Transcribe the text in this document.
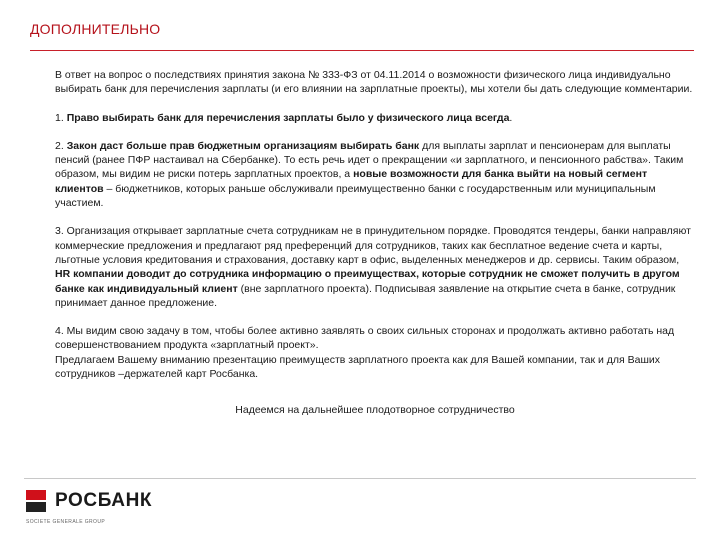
ДОПОЛНИТЕЛЬНО

В ответ на вопрос о последствиях принятия закона № 333-ФЗ от 04.11.2014 о возможности физического лица индивидуально выбирать банк для перечисления зарплаты (и его влиянии на зарплатные проекты), мы хотели бы дать следующие комментарии.

1. Право выбирать банк для перечисления зарплаты было у физического лица всегда.

2. Закон даст больше прав бюджетным организациям выбирать банк для выплаты зарплат и пенсионерам для выплаты пенсий (ранее ПФР настаивал на Сбербанке). То есть речь идет о прекращении «и зарплатного, и пенсионного рабства». Таким образом, мы видим не риски потерь зарплатных проектов, а новые возможности для банка выйти на новый сегмент клиентов – бюджетников, которых раньше обслуживали преимущественно банки с государственным или муниципальным участием.

3. Организация открывает зарплатные счета сотрудникам не в принудительном порядке. Проводятся тендеры, банки направляют коммерческие предложения и предлагают ряд преференций для сотрудников, таких как бесплатное ведение счета и карты, льготные условия кредитования и страхования, доставку карт в офис, выделенных менеджеров и др. сервисы. Таким образом, HR компании доводит до сотрудника информацию о преимуществах, которые сотрудник не сможет получить в другом банке как индивидуальный клиент (вне зарплатного проекта). Подписывая заявление на открытие счета в банке, сотрудник принимает данное предложение.

4. Мы видим свою задачу в том, чтобы более активно заявлять о своих сильных сторонах и продолжать активно работать над совершенствованием продукта «зарплатный проект».
Предлагаем Вашему вниманию презентацию преимуществ зарплатного проекта как для Вашей компании, так и для Ваших сотрудников –держателей карт Росбанка.

Надеемся на дальнейшее плодотворное сотрудничество

РОСБАНК
SOCIETE GENERALE GROUP
